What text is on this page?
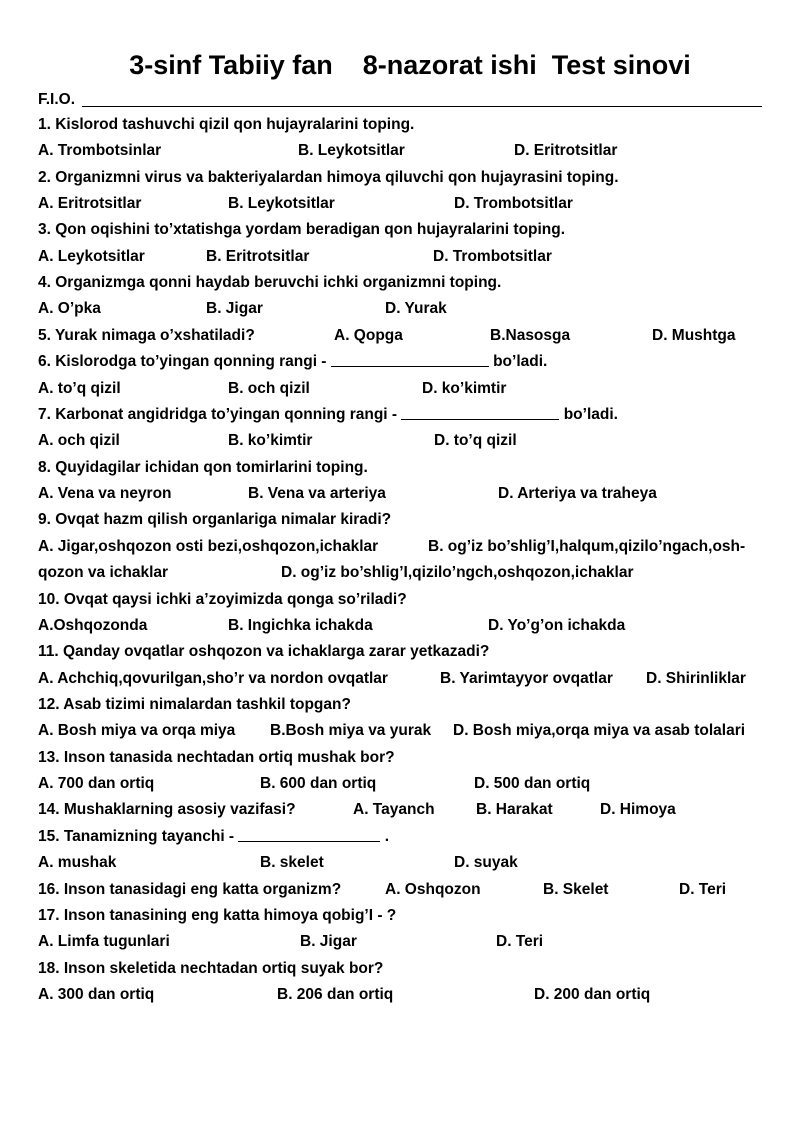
3-sinf Tabiiy fan    8-nazorat ishi  Test sinovi
F.I.O.
1. Kislorod tashuvchi qizil qon hujayralarini toping.
A. Trombotsinlar	B. Leykotsitlar	D. Eritrotsitlar
2. Organizmni virus va bakteriyalardan himoya qiluvchi qon hujayrasini toping.
A. Eritrotsitlar	B. Leykotsitlar	D. Trombotsitlar
3. Qon oqishini to’xtatishga yordam beradigan qon hujayralarini toping.
A. Leykotsitlar	B. Eritrotsitlar	D. Trombotsitlar
4. Organizmga qonni haydab beruvchi ichki organizmni toping.
A. O’pka	B. Jigar	D. Yurak
5. Yurak nimaga o’xshatiladi?	A. Qopga	B.Nasosga	D. Mushtga
6. Kislorodga to’yingan qonning rangi -	bo’ladi.
A. to’q qizil	B. och qizil	D. ko’kimtir
7. Karbonat angidridga to’yingan qonning rangi -	bo’ladi.
A. och qizil	B. ko’kimtir	D. to’q qizil
8. Quyidagilar ichidan qon tomirlarini toping.
A. Vena va neyron	B. Vena va arteriya	D. Arteriya va traheya
9. Ovqat hazm qilish organlariga nimalar kiradi?
A. Jigar,oshqozon osti bezi,oshqozon,ichaklar	B. og’iz bo’shlig’I,halqum,qizilo’ngach,osh-
qozon va ichaklar	D. og’iz bo’shlig’I,qizilo’ngch,oshqozon,ichaklar
10. Ovqat qaysi ichki a’zoyimizda qonga so’riladi?
A.Oshqozonda	B. Ingichka ichakda	D. Yo’g’on ichakda
11. Qanday ovqatlar oshqozon va ichaklarga zarar yetkazadi?
A. Achchiq,qovurilgan,sho’r va nordon ovqatlar	B. Yarimtayyor ovqatlar D. Shirinliklar
12. Asab tizimi nimalardan tashkil topgan?
A. Bosh miya va orqa miya B.Bosh miya va yurak D. Bosh miya,orqa miya va asab tolalari
13. Inson tanasida nechtadan ortiq mushak bor?
A. 700 dan ortiq	B. 600 dan ortiq	D. 500 dan ortiq
14. Mushaklarning asosiy vazifasi?	A. Tayanch	B. Harakat	D. Himoya
15. Tanamizning tayanchi -	.
A. mushak	B. skelet	D. suyak
16. Inson tanasidagi eng katta organizm?	A. Oshqozon	B. Skelet	D. Teri
17. Inson tanasining eng katta himoya qobig’I - ?
A. Limfa tugunlari	B. Jigar	D. Teri
18. Inson skeletida nechtadan ortiq suyak bor?
A. 300 dan ortiq	B. 206 dan ortiq	D. 200 dan ortiq
